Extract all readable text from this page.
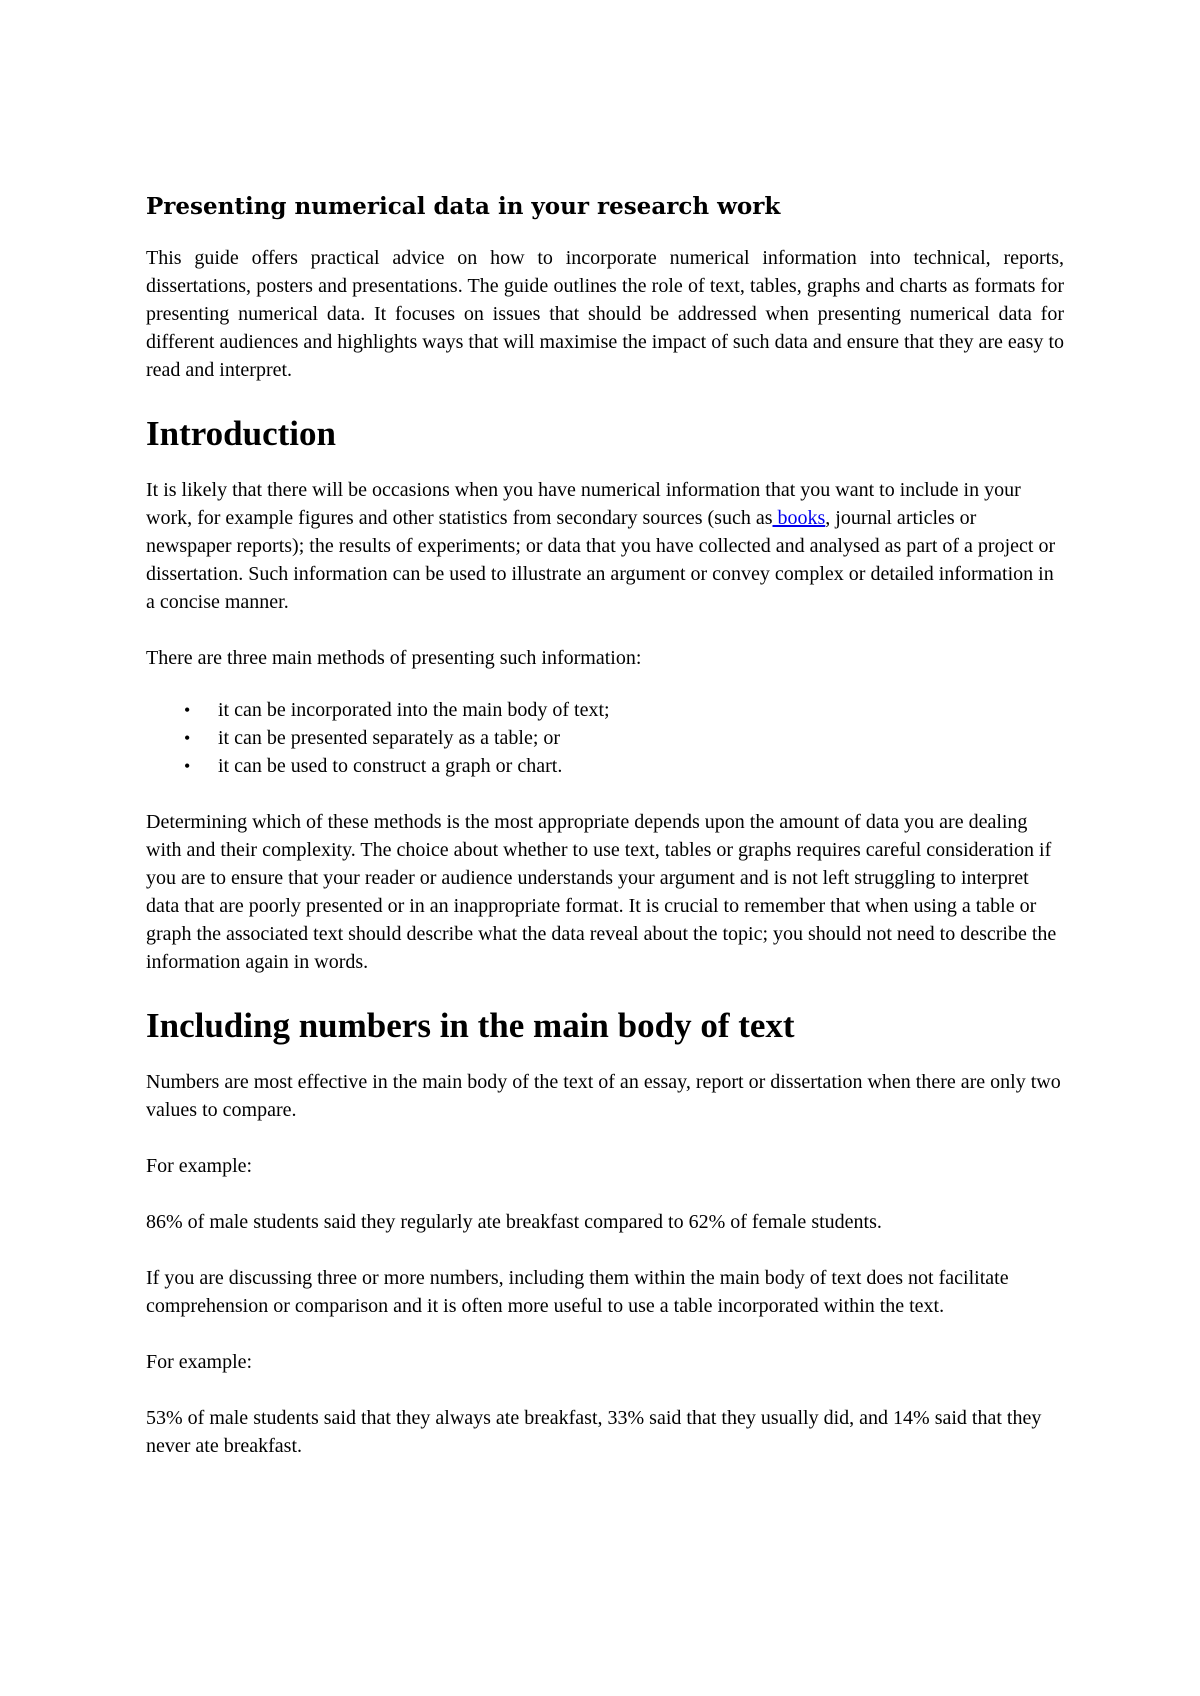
Presenting numerical data in your research work

This guide offers practical advice on how to incorporate numerical information into technical, reports, dissertations, posters and presentations. The guide outlines the role of text, tables, graphs and charts as formats for presenting numerical data. It focuses on issues that should be addressed when presenting numerical data for different audiences and highlights ways that will maximise the impact of such data and ensure that they are easy to read and interpret.

Introduction

It is likely that there will be occasions when you have numerical information that you want to include in your work, for example figures and other statistics from secondary sources (such as books, journal articles or newspaper reports); the results of experiments; or data that you have collected and analysed as part of a project or dissertation. Such information can be used to illustrate an argument or convey complex or detailed information in a concise manner.

There are three main methods of presenting such information:

• it can be incorporated into the main body of text;
• it can be presented separately as a table; or
• it can be used to construct a graph or chart.

Determining which of these methods is the most appropriate depends upon the amount of data you are dealing with and their complexity. The choice about whether to use text, tables or graphs requires careful consideration if you are to ensure that your reader or audience understands your argument and is not left struggling to interpret data that are poorly presented or in an inappropriate format. It is crucial to remember that when using a table or graph the associated text should describe what the data reveal about the topic; you should not need to describe the information again in words.

Including numbers in the main body of text

Numbers are most effective in the main body of the text of an essay, report or dissertation when there are only two values to compare.

For example:

86% of male students said they regularly ate breakfast compared to 62% of female students.

If you are discussing three or more numbers, including them within the main body of text does not facilitate comprehension or comparison and it is often more useful to use a table incorporated within the text.

For example:

53% of male students said that they always ate breakfast, 33% said that they usually did, and 14% said that they never ate breakfast.
